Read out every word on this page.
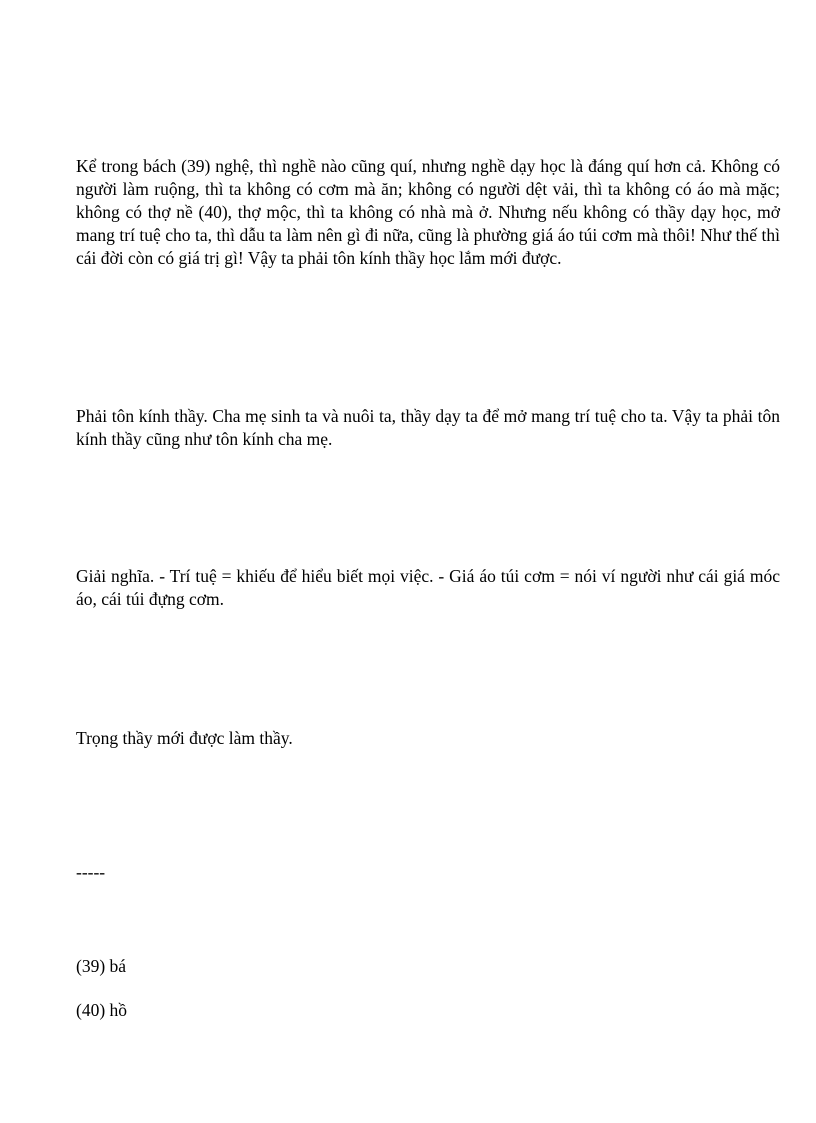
Kể trong bách (39) nghệ, thì nghề nào cũng quí, nhưng nghề dạy học là đáng quí hơn cả. Không có người làm ruộng, thì ta không có cơm mà ăn; không có người dệt vải, thì ta không có áo mà mặc; không có thợ nề (40), thợ mộc, thì ta không có nhà mà ở. Nhưng nếu không có thầy dạy học, mở mang trí tuệ cho ta, thì dẫu ta làm nên gì đi nữa, cũng là phường giá áo túi cơm mà thôi! Như thế thì cái đời còn có giá trị gì! Vậy ta phải tôn kính thầy học lắm mới được.

Phải tôn kính thầy. Cha mẹ sinh ta và nuôi ta, thầy dạy ta để mở mang trí tuệ cho ta. Vậy ta phải tôn kính thầy cũng như tôn kính cha mẹ.

Giải nghĩa. - Trí tuệ = khiếu để hiểu biết mọi việc. - Giá áo túi cơm = nói ví người như cái giá móc áo, cái túi đựng cơm.

Trọng thầy mới được làm thầy.

-----

(39) bá

(40) hồ
